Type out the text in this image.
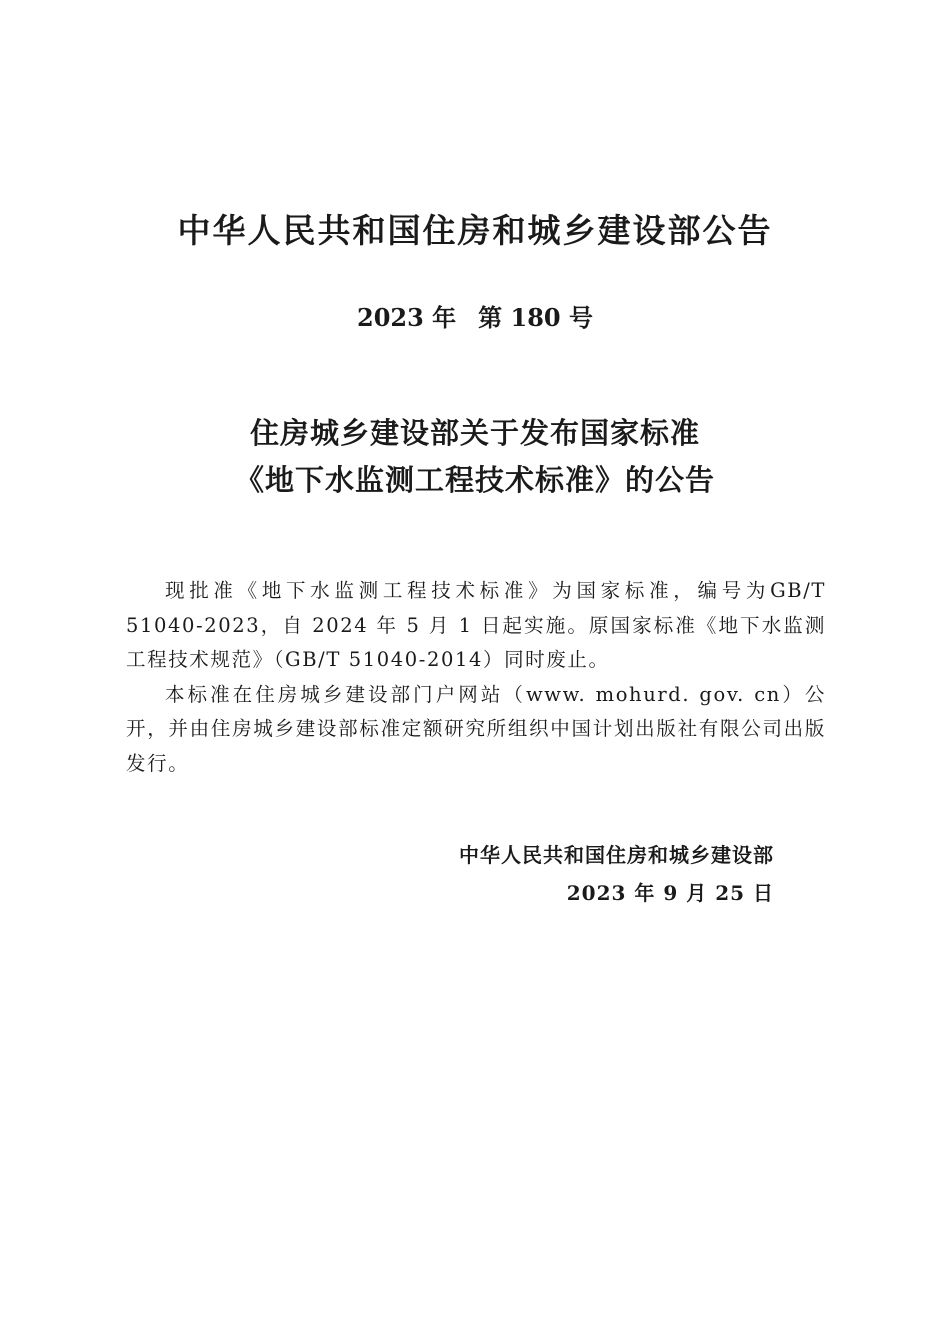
中华人民共和国住房和城乡建设部公告
2023 年 第 180 号
住房城乡建设部关于发布国家标准
《地下水监测工程技术标准》的公告

现批准《地下水监测工程技术标准》为国家标准，编号为GB/T 51040-2023，自 2024 年 5 月 1 日起实施。原国家标准《地下水监测工程技术规范》（GB/T 51040-2014）同时废止。

本标准在住房城乡建设部门户网站（www. mohurd. gov. cn）公开，并由住房城乡建设部标准定额研究所组织中国计划出版社有限公司出版发行。

中华人民共和国住房和城乡建设部
2023 年 9 月 25 日
